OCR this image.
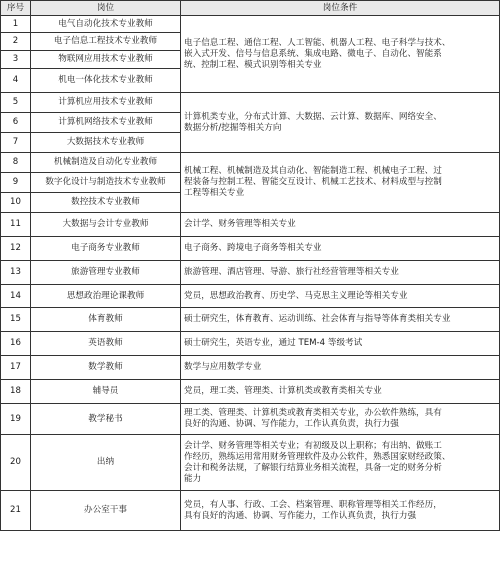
序号	岗位	岗位条件
1	电气自动化技术专业教师	电子信息工程、通信工程、人工智能、机器人工程、电子科学与技术、
嵌入式开发、信号与信息系统、集成电路、微电子、自动化、智能系
统、控制工程、模式识别等相关专业
2	电子信息工程技术专业教师	
3	物联网应用技术专业教师	
4	机电一体化技术专业教师	
5	计算机应用技术专业教师	计算机类专业，分布式计算、大数据、云计算、数据库、网络安全、
数据分析/挖掘等相关方向
6	计算机网络技术专业教师	
7	大数据技术专业教师	
8	机械制造及自动化专业教师	机械工程、机械制造及其自动化、智能制造工程、机械电子工程、过
程装备与控制工程、智能交互设计、机械工艺技术、材料成型与控制
工程等相关专业
9	数字化设计与制造技术专业教师	
10	数控技术专业教师	
11	大数据与会计专业教师	会计学、财务管理等相关专业
12	电子商务专业教师	电子商务、跨境电子商务等相关专业
13	旅游管理专业教师	旅游管理、酒店管理、导游、旅行社经营管理等相关专业
14	思想政治理论课教师	党员，思想政治教育、历史学、马克思主义理论等相关专业
15	体育教师	硕士研究生，体育教育、运动训练、社会体育与指导等体育类相关专业
16	英语教师	硕士研究生，英语专业，通过 TEM-4 等级考试
17	数学教师	数学与应用数学专业
18	辅导员	党员，理工类、管理类、计算机类或教育类相关专业
19	教学秘书	理工类、管理类、计算机类或教育类相关专业，办公软件熟练，具有
良好的沟通、协调、写作能力，工作认真负责，执行力强
20	出纳	会计学、财务管理等相关专业；有初级及以上职称；有出纳、做账工
作经历，熟练运用常用财务管理软件及办公软件，熟悉国家财经政策、
会计和税务法规，了解银行结算业务相关流程，具备一定的财务分析
能力
21	办公室干事	党员，有人事、行政、工会、档案管理、职称管理等相关工作经历，
具有良好的沟通、协调、写作能力，工作认真负责，执行力强
